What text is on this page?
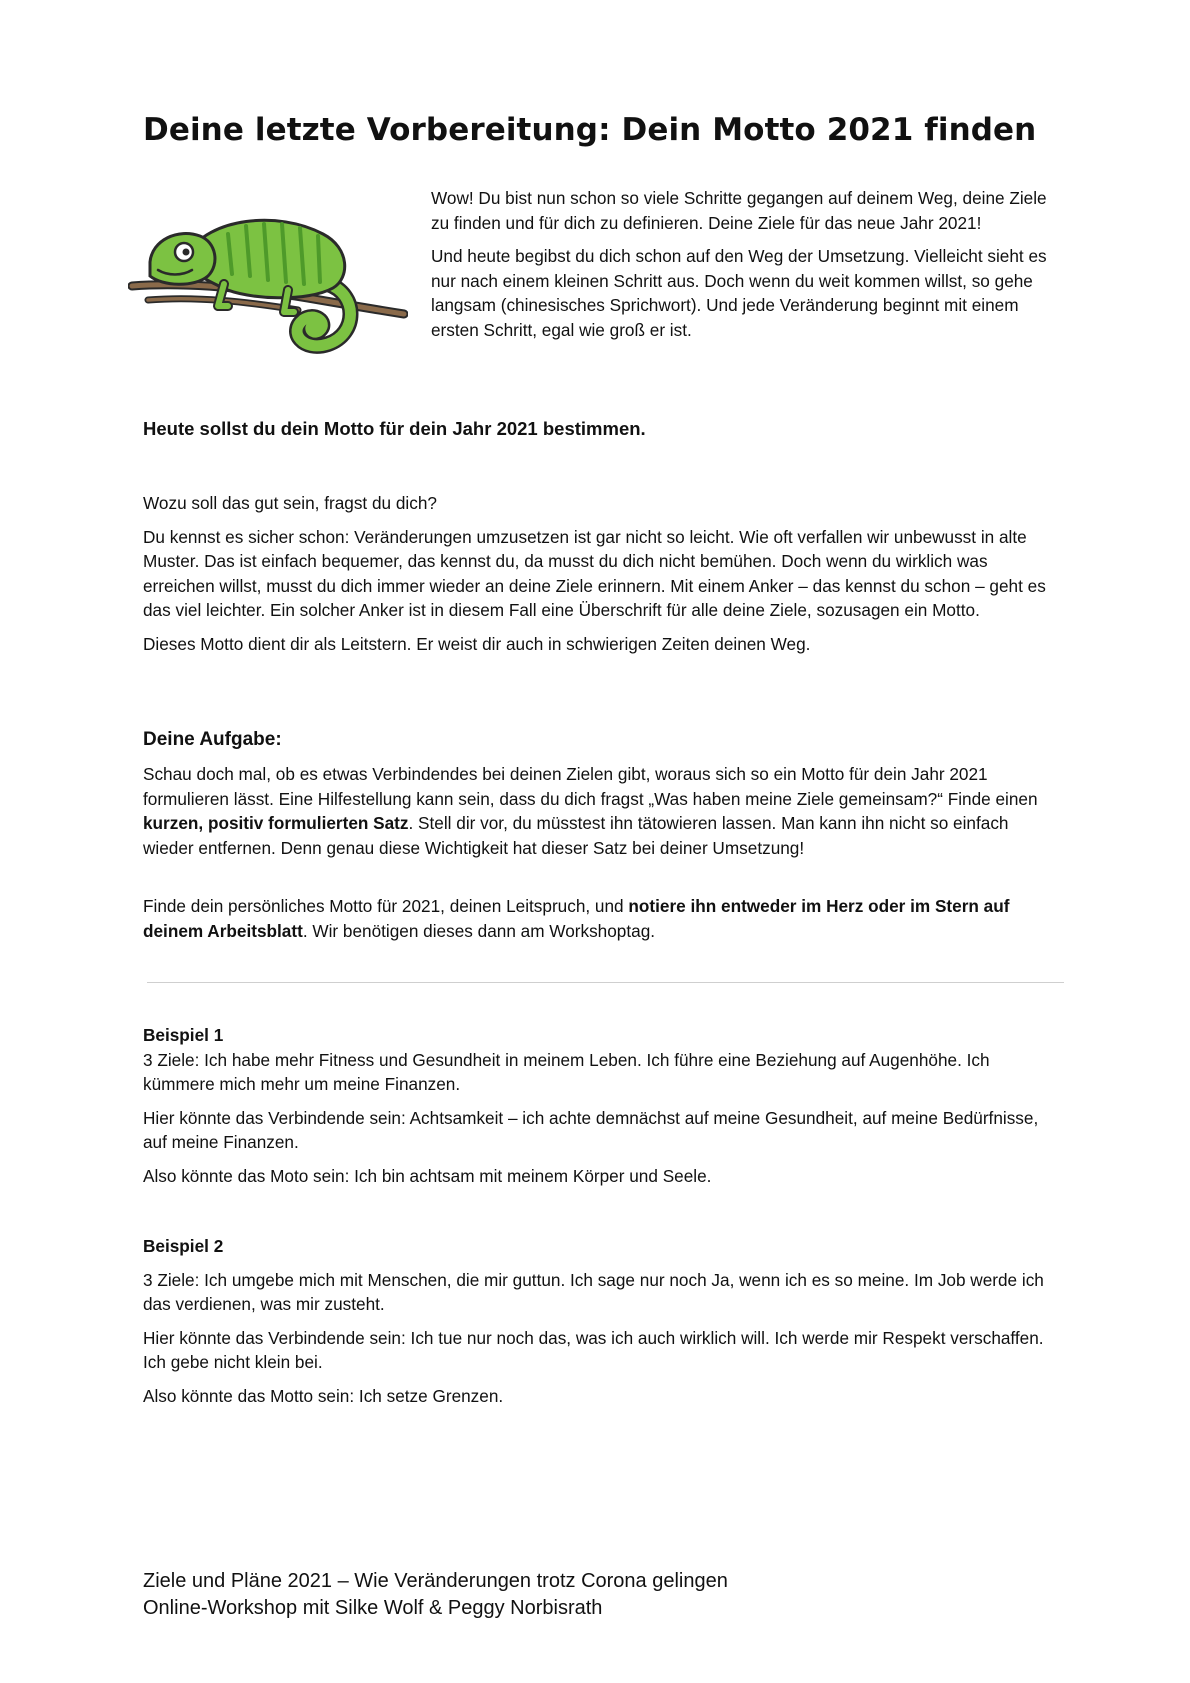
Deine letzte Vorbereitung: Dein Motto 2021 finden

Wow! Du bist nun schon so viele Schritte gegangen auf deinem Weg, deine Ziele zu finden und für dich zu definieren. Deine Ziele für das neue Jahr 2021!

Und heute begibst du dich schon auf den Weg der Umsetzung. Vielleicht sieht es nur nach einem kleinen Schritt aus. Doch wenn du weit kommen willst, so gehe langsam (chinesisches Sprichwort). Und jede Veränderung beginnt mit einem ersten Schritt, egal wie groß er ist.

Heute sollst du dein Motto für dein Jahr 2021 bestimmen.

Wozu soll das gut sein, fragst du dich?

Du kennst es sicher schon: Veränderungen umzusetzen ist gar nicht so leicht. Wie oft verfallen wir unbewusst in alte Muster. Das ist einfach bequemer, das kennst du, da musst du dich nicht bemühen. Doch wenn du wirklich was erreichen willst, musst du dich immer wieder an deine Ziele erinnern. Mit einem Anker – das kennst du schon – geht es das viel leichter. Ein solcher Anker ist in diesem Fall eine Überschrift für alle deine Ziele, sozusagen ein Motto.

Dieses Motto dient dir als Leitstern. Er weist dir auch in schwierigen Zeiten deinen Weg.

Deine Aufgabe:

Schau doch mal, ob es etwas Verbindendes bei deinen Zielen gibt, woraus sich so ein Motto für dein Jahr 2021 formulieren lässt. Eine Hilfestellung kann sein, dass du dich fragst „Was haben meine Ziele gemeinsam?“ Finde einen kurzen, positiv formulierten Satz. Stell dir vor, du müsstest ihn tätowieren lassen. Man kann ihn nicht so einfach wieder entfernen. Denn genau diese Wichtigkeit hat dieser Satz bei deiner Umsetzung!

Finde dein persönliches Motto für 2021, deinen Leitspruch, und notiere ihn entweder im Herz oder im Stern auf deinem Arbeitsblatt. Wir benötigen dieses dann am Workshoptag.

Beispiel 1

3 Ziele: Ich habe mehr Fitness und Gesundheit in meinem Leben. Ich führe eine Beziehung auf Augenhöhe. Ich kümmere mich mehr um meine Finanzen.

Hier könnte das Verbindende sein: Achtsamkeit – ich achte demnächst auf meine Gesundheit, auf meine Bedürfnisse, auf meine Finanzen.

Also könnte das Moto sein: Ich bin achtsam mit meinem Körper und Seele.

Beispiel 2

3 Ziele: Ich umgebe mich mit Menschen, die mir guttun. Ich sage nur noch Ja, wenn ich es so meine. Im Job werde ich das verdienen, was mir zusteht.

Hier könnte das Verbindende sein: Ich tue nur noch das, was ich auch wirklich will. Ich werde mir Respekt verschaffen. Ich gebe nicht klein bei.

Also könnte das Motto sein: Ich setze Grenzen.

Ziele und Pläne 2021 – Wie Veränderungen trotz Corona gelingen
Online-Workshop mit Silke Wolf & Peggy Norbisrath
